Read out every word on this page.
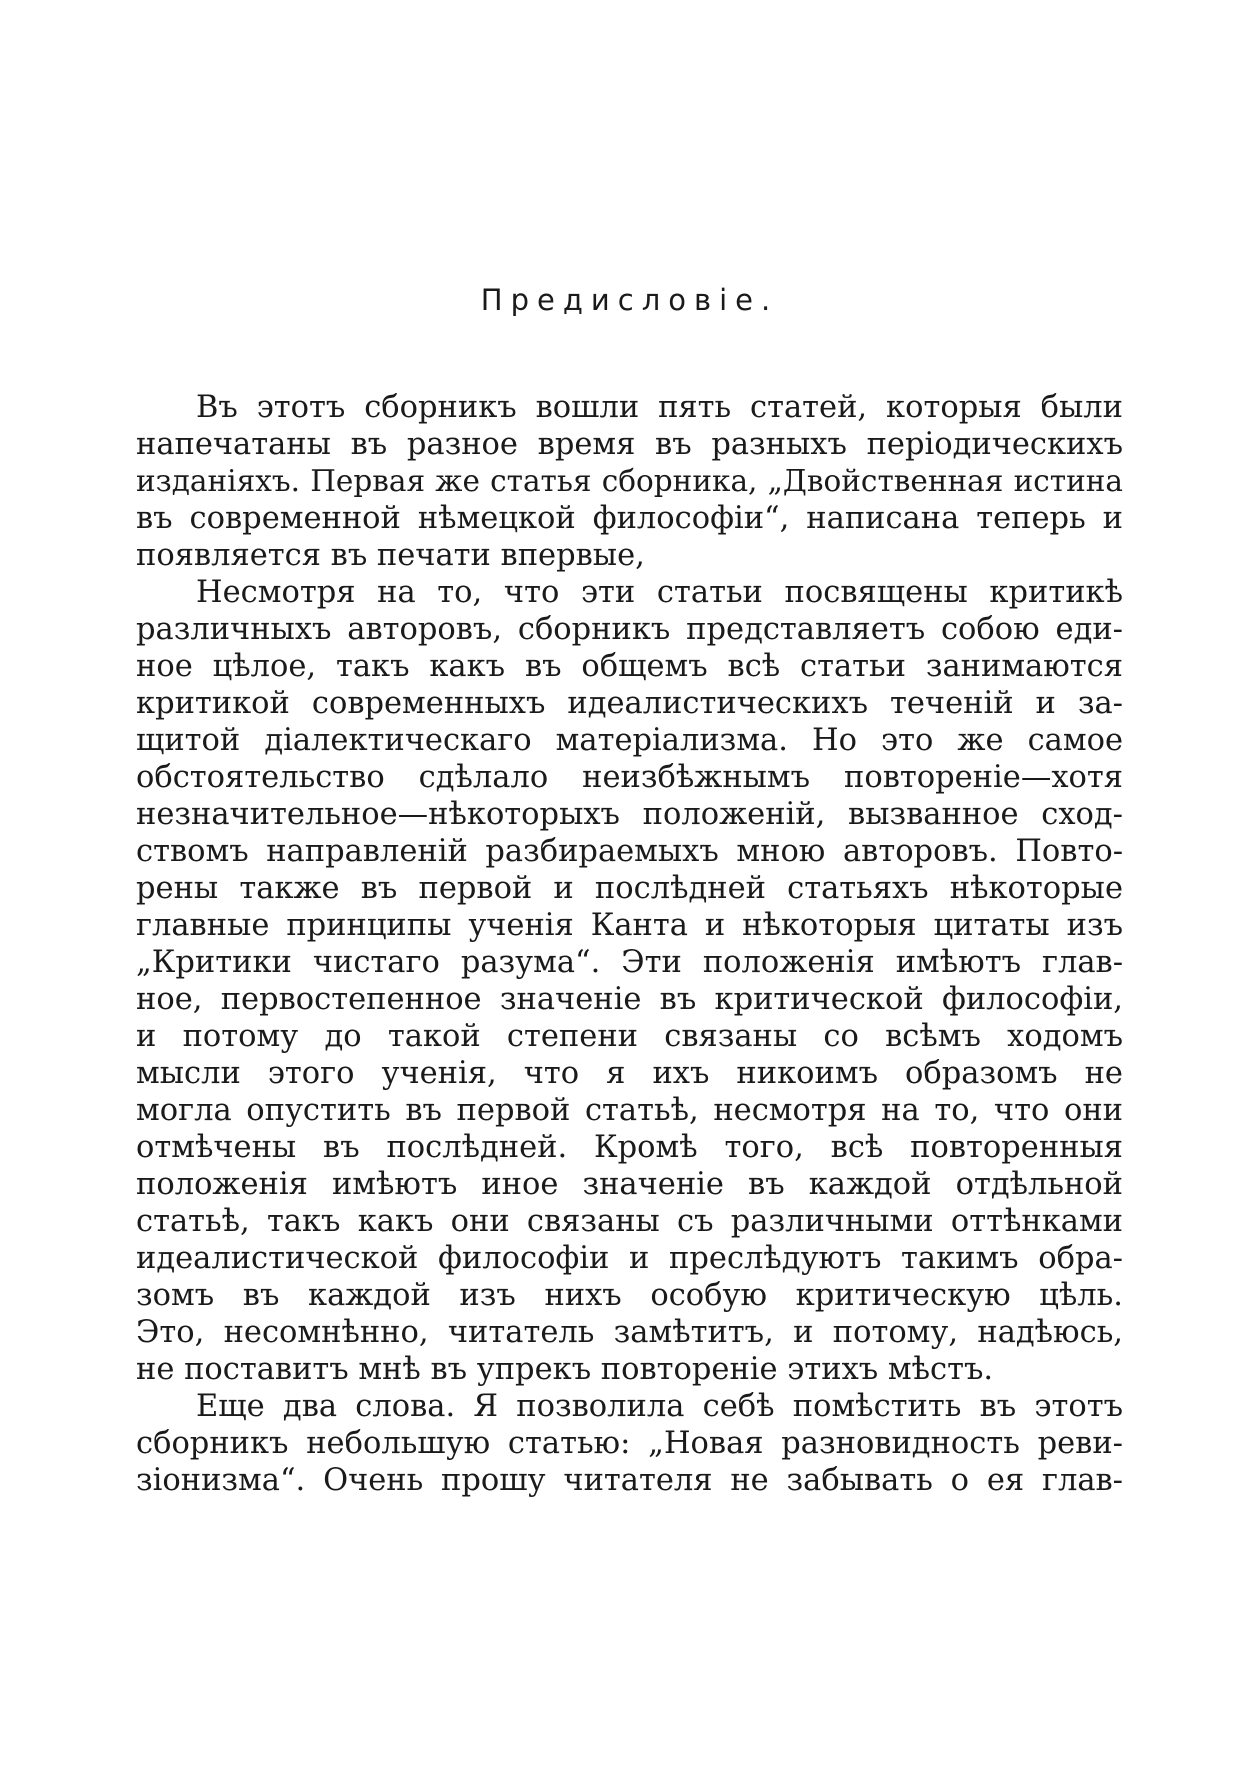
Предисловіе.
Въ этотъ сборникъ вошли пять статей, которыя были
напечатаны въ разное время въ разныхъ періодическихъ
изданіяхъ. Первая же статья сборника, „Двойственная истина
въ современной нѣмецкой философіи“, написана теперь и
появляется въ печати впервые,
Несмотря на то, что эти статьи посвящены критикѣ
различныхъ авторовъ, сборникъ представляетъ собою еди-
ное цѣлое, такъ какъ въ общемъ всѣ статьи занимаются
критикой современныхъ идеалистическихъ теченій и за-
щитой діалектическаго матеріализма. Но это же самое
обстоятельство сдѣлало неизбѣжнымъ повтореніе—хотя
незначительное—нѣкоторыхъ положеній, вызванное сход-
ствомъ направленій разбираемыхъ мною авторовъ. Повто-
рены также въ первой и послѣдней статьяхъ нѣкоторые
главные принципы ученія Канта и нѣкоторыя цитаты изъ
„Критики чистаго разума“. Эти положенія имѣютъ глав-
ное, первостепенное значеніе въ критической философіи,
и потому до такой степени связаны со всѣмъ ходомъ
мысли этого ученія, что я ихъ никоимъ образомъ не
могла опустить въ первой статьѣ, несмотря на то, что они
отмѣчены въ послѣдней. Кромѣ того, всѣ повторенныя
положенія имѣютъ иное значеніе въ каждой отдѣльной
статьѣ, такъ какъ они связаны съ различными оттѣнками
идеалистической философіи и преслѣдуютъ такимъ обра-
зомъ въ каждой изъ нихъ особую критическую цѣль.
Это, несомнѣнно, читатель замѣтитъ, и потому, надѣюсь,
не поставитъ мнѣ въ упрекъ повтореніе этихъ мѣстъ.
Еще два слова. Я позволила себѣ помѣстить въ этотъ
сборникъ небольшую статью: „Новая разновидность реви-
зіонизма“. Очень прошу читателя не забывать о ея глав-
